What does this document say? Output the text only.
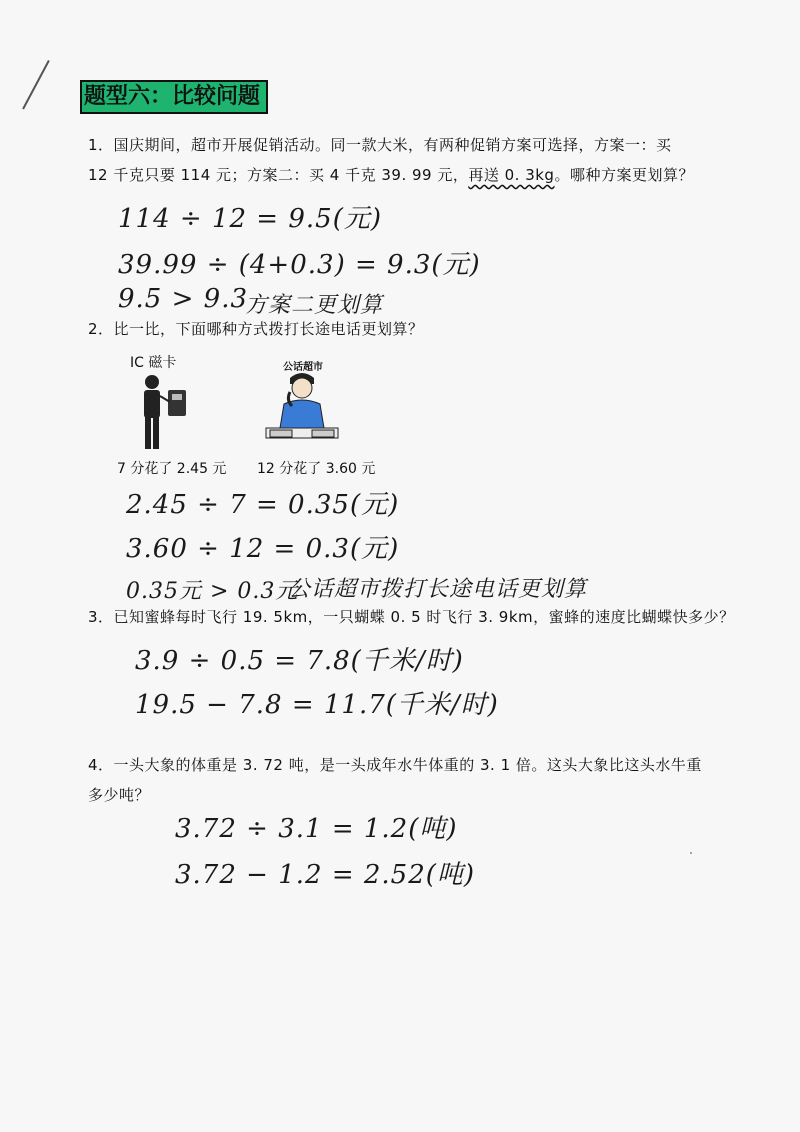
题型六：比较问题
1．国庆期间，超市开展促销活动。同一款大米，有两种促销方案可选择，方案一：买
12 千克只要 114 元；方案二：买 4 千克 39. 99 元，再送 0. 3kg。哪种方案更划算？
114 ÷ 12 = 9.5(元)
39.99 ÷ (4+0.3) = 9.3(元)
9.5 > 9.3
方案二更划算
2．比一比，下面哪种方式拨打长途电话更划算？
IC 磁卡	公话超市
7 分花了 2.45 元 12 分花了 3.60 元
2.45 ÷ 7 = 0.35(元)
3.60 ÷ 12 = 0.3(元)
0.35元 > 0.3元
公话超市拨打长途电话更划算
3．已知蜜蜂每时飞行 19. 5km，一只蝴蝶 0. 5 时飞行 3. 9km，蜜蜂的速度比蝴蝶快多少？
3.9 ÷ 0.5 = 7.8(千米/时)
19.5 − 7.8 = 11.7(千米/时)
4．一头大象的体重是 3. 72 吨，是一头成年水牛体重的 3. 1 倍。这头大象比这头水牛重
多少吨？
3.72 ÷ 3.1 = 1.2(吨)
3.72 − 1.2 = 2.52(吨)
